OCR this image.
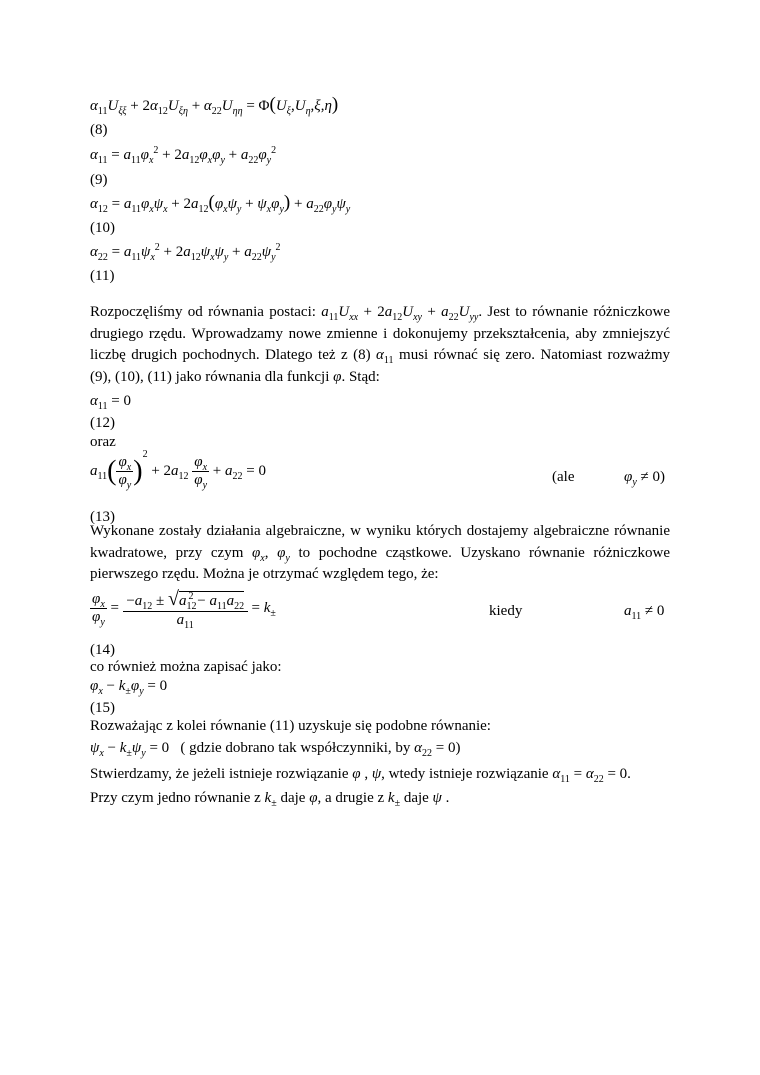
$\alpha_{11}U_{\xi\xi} + 2\alpha_{12}U_{\xi\eta} + \alpha_{22}U_{\eta\eta} = \Phi(U_\xi,U_\eta,\xi,\eta)$
(8)
$\alpha_{11} = a_{11}\varphi_x^2 + 2a_{12}\varphi_x\varphi_y + a_{22}\varphi_y^2$
(9)
$\alpha_{12} = a_{11}\varphi_x\psi_x + 2a_{12}(\varphi_x\psi_y + \psi_x\varphi_y) + a_{22}\varphi_y\psi_y$
(10)
$\alpha_{22} = a_{11}\psi_x^2 + 2a_{12}\psi_x\psi_y + a_{22}\psi_y^2$
(11)
Rozpoczęliśmy od równania postaci: $a_{11}U_{xx} + 2a_{12}U_{xy} + a_{22}U_{yy}$. Jest to równanie różniczkowe drugiego rzędu. Wprowadzamy nowe zmienne i dokonujemy przekształcenia, aby zmniejszyć liczbę drugich pochodnych. Dlatego też z (8) $\alpha_{11}$ musi równać się zero. Natomiast rozważmy (9), (10), (11) jako równania dla funkcji φ. Stąd:
$\alpha_{11} = 0$
(12)
oraz
$a_{11}( \frac{\varphi_x}{\varphi_y} )^2 + 2a_{12} \frac{\varphi_x}{\varphi_y} + a_{22} = 0$	(ale	$\varphi_y \ne 0$)
(13)
Wykonane zostały działania algebraiczne, w wyniku których dostajemy algebraiczne równanie kwadratowe, przy czym $\varphi_x$, $\varphi_y$ to pochodne cząstkowe. Uzyskano równanie różniczkowe pierwszego rzędu. Można je otrzymać względem tego, że:
$\frac{\varphi_x}{\varphi_y} = \frac{-a_{12} \pm √a_{12}^2 - a_{11}a_{22}}{a_{11}} = k_\pm$	kiedy	$a_{11} \ne 0$
(14)
co również można zapisać jako:
$\varphi_x - k_\pm\varphi_y = 0$
(15)
Rozważając z kolei równanie (11) uzyskuje się podobne równanie:
$\psi_x - k_\pm\psi_y = 0$ ( gdzie dobrano tak współczynniki, by $\alpha_{22} = 0$)
Stwierdzamy, że jeżeli istnieje rozwiązanie φ , ψ, wtedy istnieje rozwiązanie $\alpha_{11} = \alpha_{22} = 0$.
Przy czym jedno równanie z $k_\pm$ daje φ, a drugie z $k_\pm$ daje ψ .
